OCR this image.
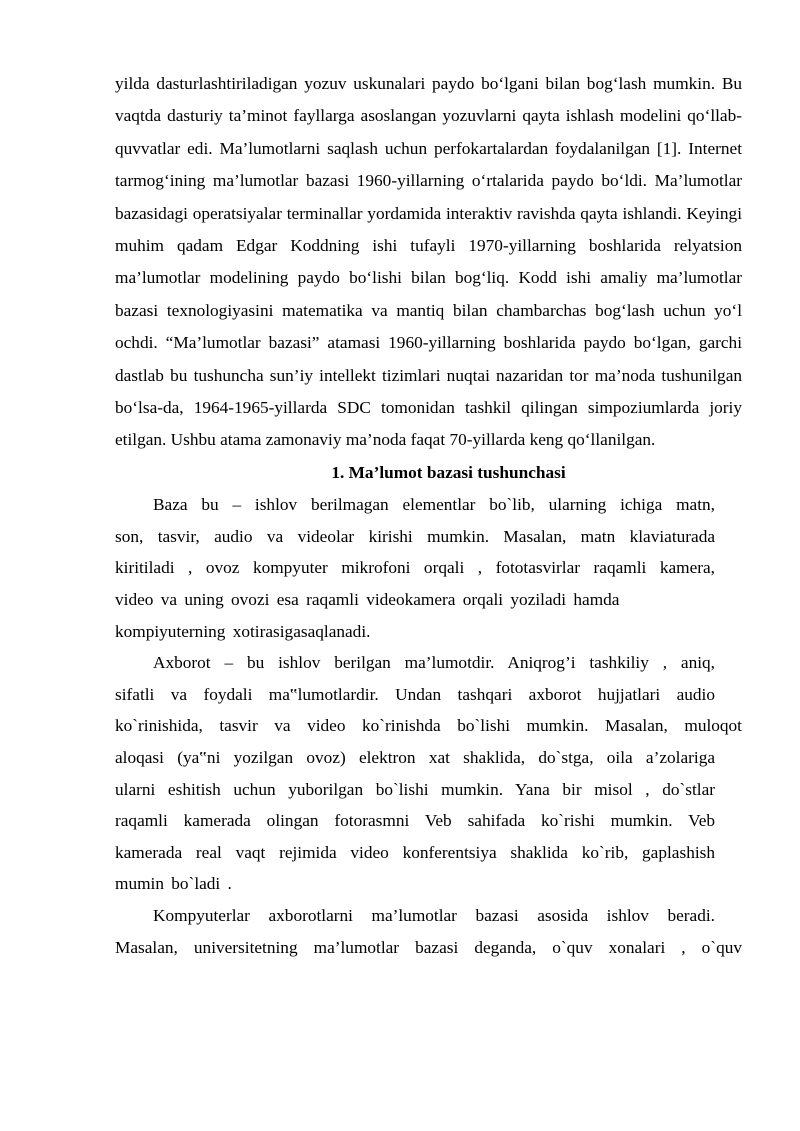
yilda dasturlashtiriladigan yozuv uskunalari paydo bo‘lgani bilan bog‘lash mumkin. Bu vaqtda dasturiy ta’minot fayllarga asoslangan yozuvlarni qayta ishlash modelini qo‘llab-quvvatlar edi. Ma’lumotlarni saqlash uchun perfokartalardan foydalanilgan [1]. Internet tarmog‘ining ma’lumotlar bazasi 1960-yillarning o‘rtalarida paydo bo‘ldi. Ma’lumotlar bazasidagi operatsiyalar terminallar yordamida interaktiv ravishda qayta ishlandi. Keyingi muhim qadam Edgar Koddning ishi tufayli 1970-yillarning boshlarida relyatsion ma’lumotlar modelining paydo bo‘lishi bilan bog‘liq. Kodd ishi amaliy ma’lumotlar bazasi texnologiyasini matematika va mantiq bilan chambarchas bog‘lash uchun yo‘l ochdi. “Ma’lumotlar bazasi” atamasi 1960-yillarning boshlarida paydo bo‘lgan, garchi dastlab bu tushuncha sun’iy intellekt tizimlari nuqtai nazaridan tor ma’noda tushunilgan bo‘lsa-da, 1964-1965-yillarda SDC tomonidan tashkil qilingan simpoziumlarda joriy etilgan. Ushbu atama zamonaviy ma’noda faqat 70-yillarda keng qo‘llanilgan.

1. Ma’lumot bazasi tushunchasi

Baza bu – ishlov berilmagan elementlar bo`lib, ularning ichiga matn,
son, tasvir, audio va videolar kirishi mumkin. Masalan, matn klaviaturada
kiritiladi , ovoz kompyuter mikrofoni orqali , fototasvirlar raqamli kamera,
video va uning ovozi esa raqamli videokamera orqali yoziladi hamda
kompiyuterning xotirasigasaqlanadi.
Axborot – bu ishlov berilgan ma’lumotdir. Aniqrog’i tashkiliy , aniq,
sifatli va foydali ma‟lumotlardir. Undan tashqari axborot hujjatlari audio
ko`rinishida, tasvir va video ko`rinishda bo`lishi mumkin. Masalan, muloqot
aloqasi (ya‟ni yozilgan ovoz) elektron xat shaklida, do`stga, oila a’zolariga
ularni eshitish uchun yuborilgan bo`lishi mumkin. Yana bir misol , do`stlar
raqamli kamerada olingan fotorasmni Veb sahifada ko`rishi mumkin. Veb
kamerada real vaqt rejimida video konferentsiya shaklida ko`rib, gaplashish
mumin bo`ladi .
Kompyuterlar axborotlarni ma’lumotlar bazasi asosida ishlov beradi.
Masalan, universitetning ma’lumotlar bazasi deganda, o`quv xonalari , o`quv
